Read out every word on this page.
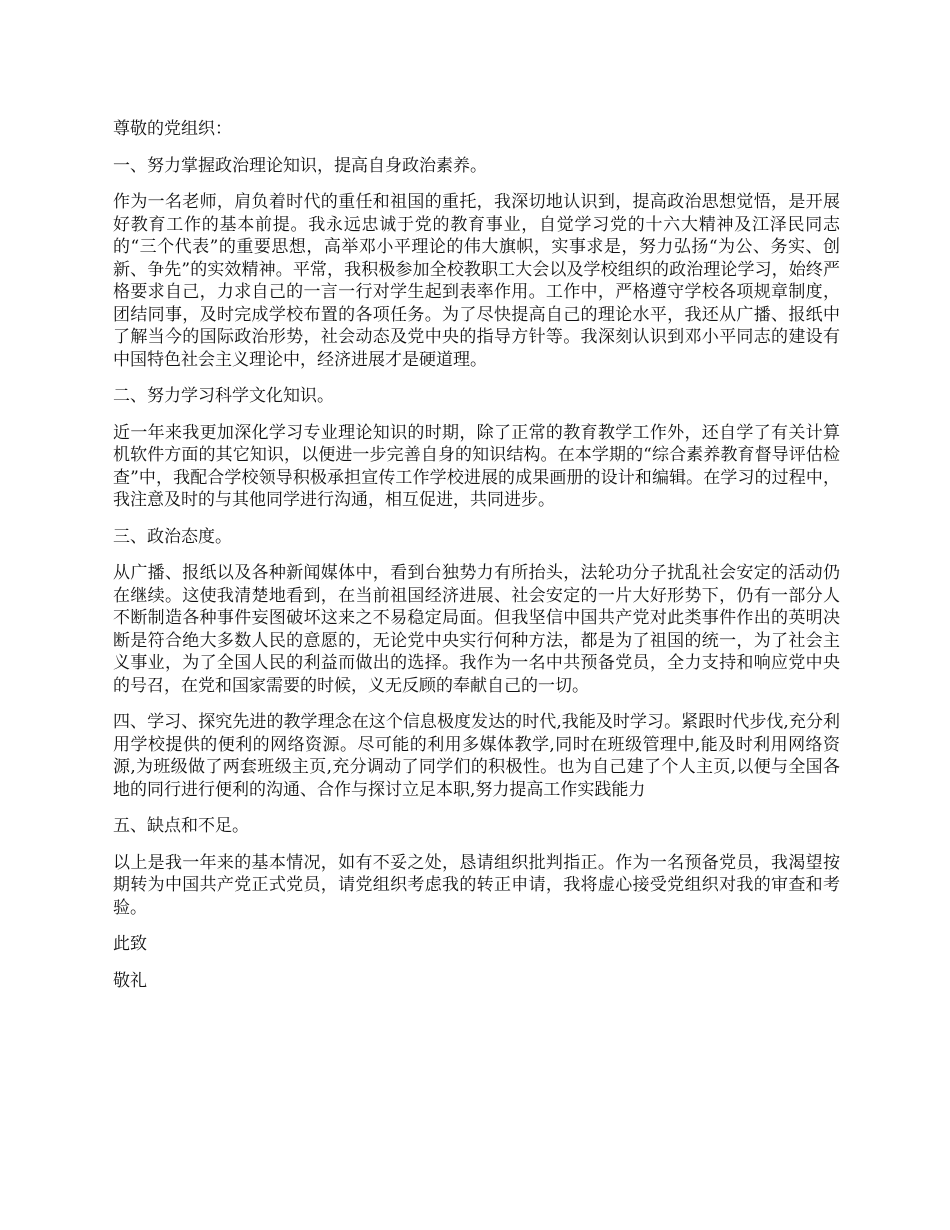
尊敬的党组织：

一、努力掌握政治理论知识，提高自身政治素养。

作为一名老师，肩负着时代的重任和祖国的重托，我深切地认识到，提高政治思想觉悟，是开展好教育工作的基本前提。我永远忠诚于党的教育事业，自觉学习党的十六大精神及江泽民同志的“三个代表”的重要思想，高举邓小平理论的伟大旗帜，实事求是，努力弘扬“为公、务实、创新、争先”的实效精神。平常，我积极参加全校教职工大会以及学校组织的政治理论学习，始终严格要求自己，力求自己的一言一行对学生起到表率作用。工作中，严格遵守学校各项规章制度，团结同事，及时完成学校布置的各项任务。为了尽快提高自己的理论水平，我还从广播、报纸中了解当今的国际政治形势，社会动态及党中央的指导方针等。我深刻认识到邓小平同志的建设有中国特色社会主义理论中，经济进展才是硬道理。

二、努力学习科学文化知识。

近一年来我更加深化学习专业理论知识的时期，除了正常的教育教学工作外，还自学了有关计算机软件方面的其它知识，以便进一步完善自身的知识结构。在本学期的“综合素养教育督导评估检查”中，我配合学校领导积极承担宣传工作学校进展的成果画册的设计和编辑。在学习的过程中，我注意及时的与其他同学进行沟通，相互促进，共同进步。

三、政治态度。

从广播、报纸以及各种新闻媒体中，看到台独势力有所抬头，法轮功分子扰乱社会安定的活动仍在继续。这使我清楚地看到，在当前祖国经济进展、社会安定的一片大好形势下，仍有一部分人不断制造各种事件妄图破坏这来之不易稳定局面。但我坚信中国共产党对此类事件作出的英明决断是符合绝大多数人民的意愿的，无论党中央实行何种方法，都是为了祖国的统一，为了社会主义事业，为了全国人民的利益而做出的选择。我作为一名中共预备党员，全力支持和响应党中央的号召，在党和国家需要的时候，义无反顾的奉献自己的一切。

四、学习、探究先进的教学理念在这个信息极度发达的时代,我能及时学习。紧跟时代步伐,充分利用学校提供的便利的网络资源。尽可能的利用多媒体教学,同时在班级管理中,能及时利用网络资源,为班级做了两套班级主页,充分调动了同学们的积极性。也为自己建了个人主页,以便与全国各地的同行进行便利的沟通、合作与探讨立足本职,努力提高工作实践能力

五、缺点和不足。

以上是我一年来的基本情况，如有不妥之处，恳请组织批判指正。作为一名预备党员，我渴望按期转为中国共产党正式党员，请党组织考虑我的转正申请，我将虚心接受党组织对我的审查和考验。

此致

敬礼
